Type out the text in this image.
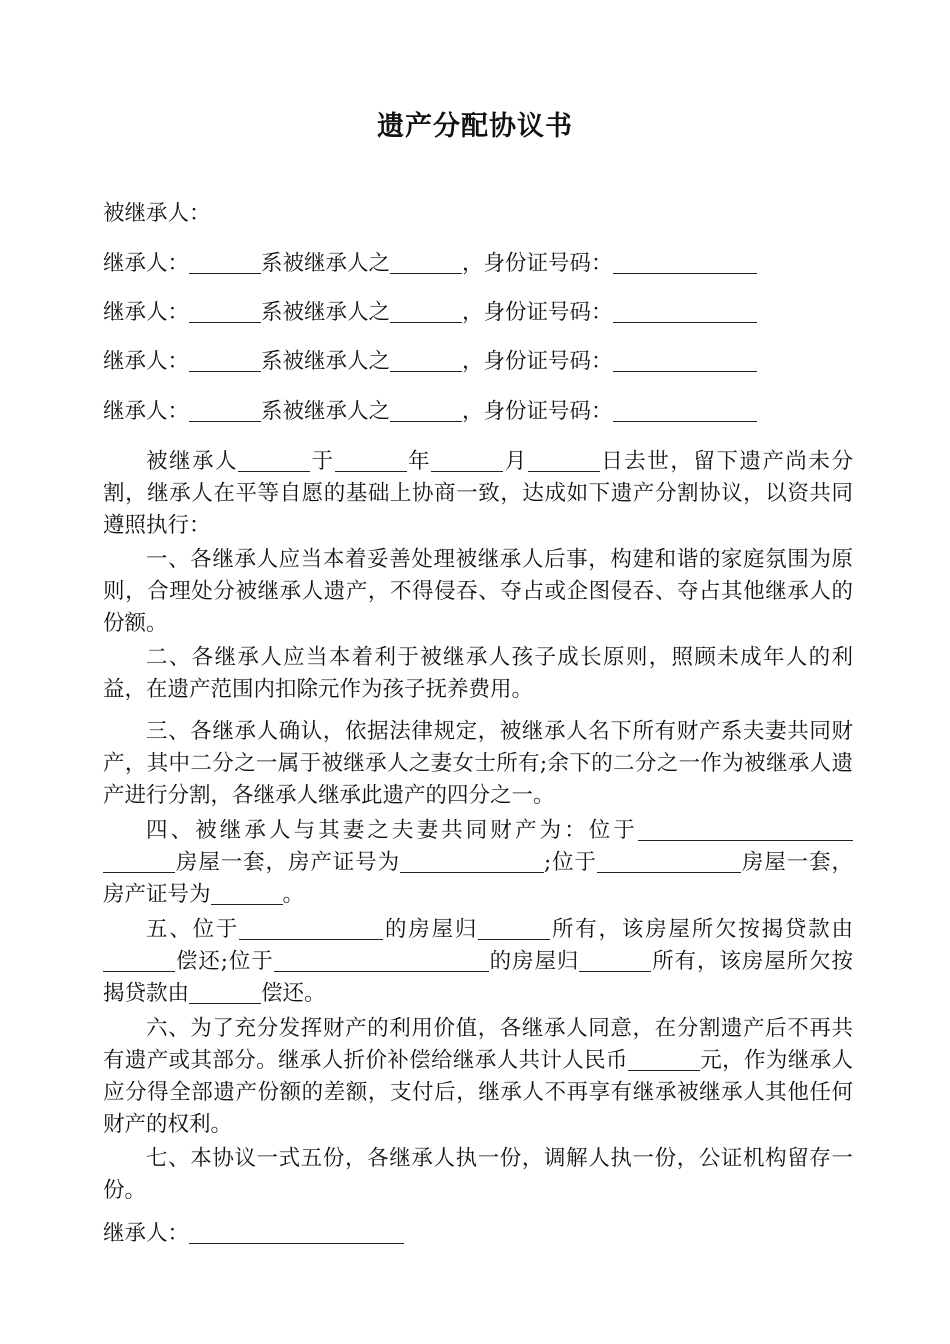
遗产分配协议书
被继承人：
继承人：	系被继承人之	，身份证号码：
继承人：	系被继承人之	，身份证号码：
继承人：	系被继承人之	，身份证号码：
继承人：	系被继承人之	，身份证号码：

被继承人	于	年	月	日去世，留下遗产尚未分割，继承人在平等自愿的基础上协商一致，达成如下遗产分割协议，以资共同遵照执行：

一、各继承人应当本着妥善处理被继承人后事，构建和谐的家庭氛围为原则，合理处分被继承人遗产，不得侵吞、夺占或企图侵吞、夺占其他继承人的份额。

二、各继承人应当本着利于被继承人孩子成长原则，照顾未成年人的利益，在遗产范围内扣除元作为孩子抚养费用。

三、各继承人确认，依据法律规定，被继承人名下所有财产系夫妻共同财产，其中二分之一属于被继承人之妻女士所有;余下的二分之一作为被继承人遗产进行分割，各继承人继承此遗产的四分之一。

四、被继承人与其妻之夫妻共同财产为：位于房屋一套，房产证号为	;位于	房屋一套，房产证号为	。

五、位于	的房屋归	所有，该房屋所欠按揭贷款由偿还;位于	的房屋归	所有，该房屋所欠按揭贷款由	偿还。

六、为了充分发挥财产的利用价值，各继承人同意，在分割遗产后不再共有遗产或其部分。继承人折价补偿给继承人共计人民币	元，作为继承人应分得全部遗产份额的差额，支付后，继承人不再享有继承被继承人其他任何财产的权利。

七、本协议一式五份，各继承人执一份，调解人执一份，公证机构留存一份。

继承人：
